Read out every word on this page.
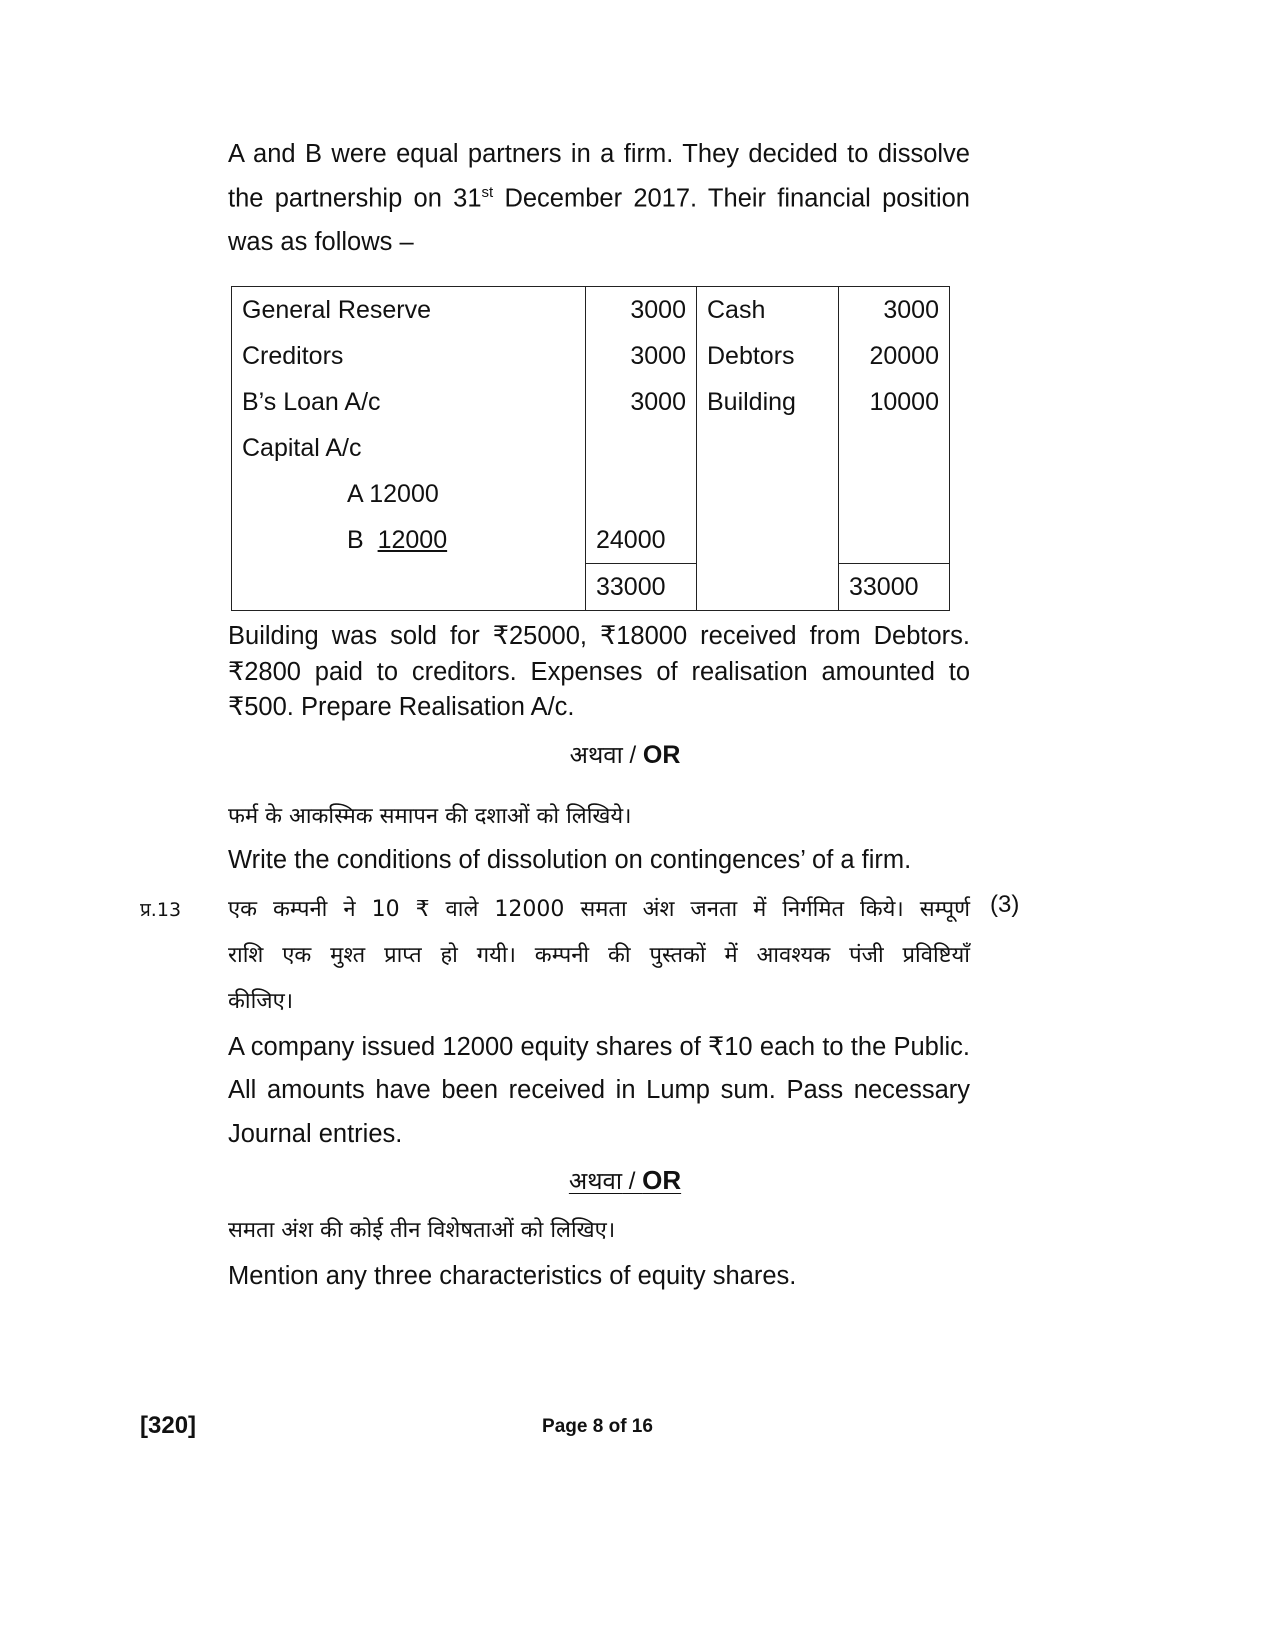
A and B were equal partners in a firm. They decided to dissolve
the partnership on 31st December 2017. Their financial position
was as follows –
General Reserve	3000	Cash	3000
Creditors	3000	Debtors	20000
B’s Loan A/c	3000	Building	10000
Capital A/c			
A 12000			
B 12000	24000		
	33000		33000
Building was sold for ₹25000, ₹18000 received from Debtors.
₹2800 paid to creditors. Expenses of realisation amounted to
₹500. Prepare Realisation A/c.
अथवा / OR
फर्म के आकस्मिक समापन की दशाओं को लिखिये।
Write the conditions of dissolution on contingences’ of a firm.
प्र.13	(3)
एक कम्पनी ने 10 ₹ वाले 12000 समता अंश जनता में निर्गमित किये। सम्पूर्ण
राशि एक मुश्त प्राप्त हो गयी। कम्पनी की पुस्तकों में आवश्यक पंजी प्रविष्टियाँ
कीजिए।
A company issued 12000 equity shares of ₹10 each to the Public.
All amounts have been received in Lump sum. Pass necessary
Journal entries.
अथवा / OR
समता अंश की कोई तीन विशेषताओं को लिखिए।
Mention any three characteristics of equity shares.
[320]	Page 8 of 16
